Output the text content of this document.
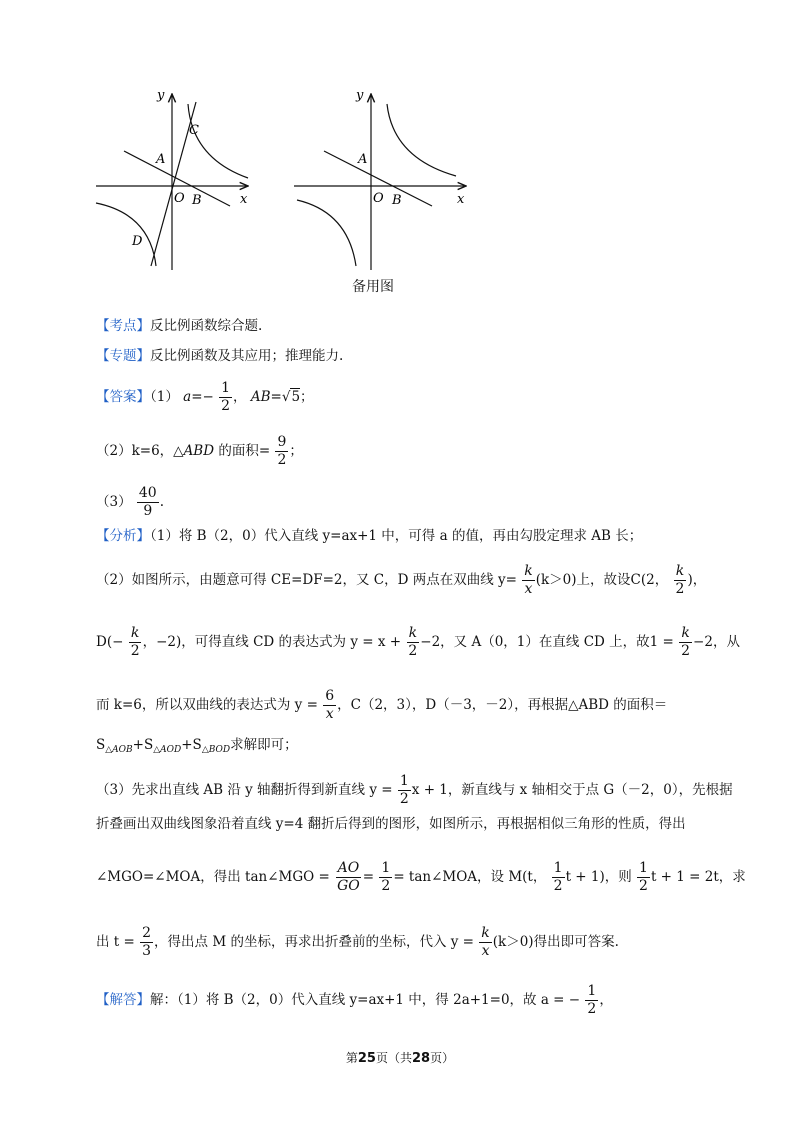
y
x
O
A
B
C
D
y
x
O
A
B
备用图
【考点】反比例函数综合题.
【专题】反比例函数及其应用；推理能力.
【答案】（1） $a=- \frac{1}{2}$ ， AB=√5；
（2）k=6，△ABD 的面积= $\frac{9}{2}$ ；
$(3) \frac{40}{9}$ .
【分析】（1）将 B（2，0）代入直线 y=ax+1 中，可得 a 的值，再由勾股定理求 AB 长；
（2）如图所示，由题意可得 CE=DF=2，又 C，D 两点在双曲线 $y= \frac{k}{x} (k>0)$上，故设C(2， $\frac{k}{2}$ )，
$D(- \frac{k}{2}$ ，−2)，可得直线 CD 的表达式为 $y = x + \frac{k}{2} -2$，又 A（0，1）在直线 CD 上，故$1 = \frac{k}{2} -2$，从
而 k=6，所以双曲线的表达式为 $y = \frac{6}{x}$ ，C（2，3），D（－3，－2），再根据△ABD 的面积＝
$S_{\triangle AOB}+S_{\triangle AOD}+S_{\triangle BOD}$求解即可；
（3）先求出直线 AB 沿 y 轴翻折得到新直线 $y = \frac{1}{2}$ x + 1，新直线与 x 轴相交于点 G（－2，0），先根据
折叠画出双曲线图象沿着直线 y=4 翻折后得到的图形，如图所示，再根据相似三角形的性质，得出
∠MGO=∠MOA，得出 tan∠MGO = $\frac{AO}{GO} = \frac{1}{2}$ = tan∠MOA，设 M(t， $\frac{1}{2}$ t + 1)，则 $\frac{1}{2}$ t + 1 = 2t，求
出 $t = \frac{2}{3}$ ，得出点 M 的坐标，再求出折叠前的坐标，代入 $y = \frac{k}{x} (k>0)$得出即可答案.
【解答】解：（1）将 B（2，0）代入直线 y=ax+1 中，得 2a+1=0，故 a = − $\frac{1}{2}$ ，
第25页（共28页）
